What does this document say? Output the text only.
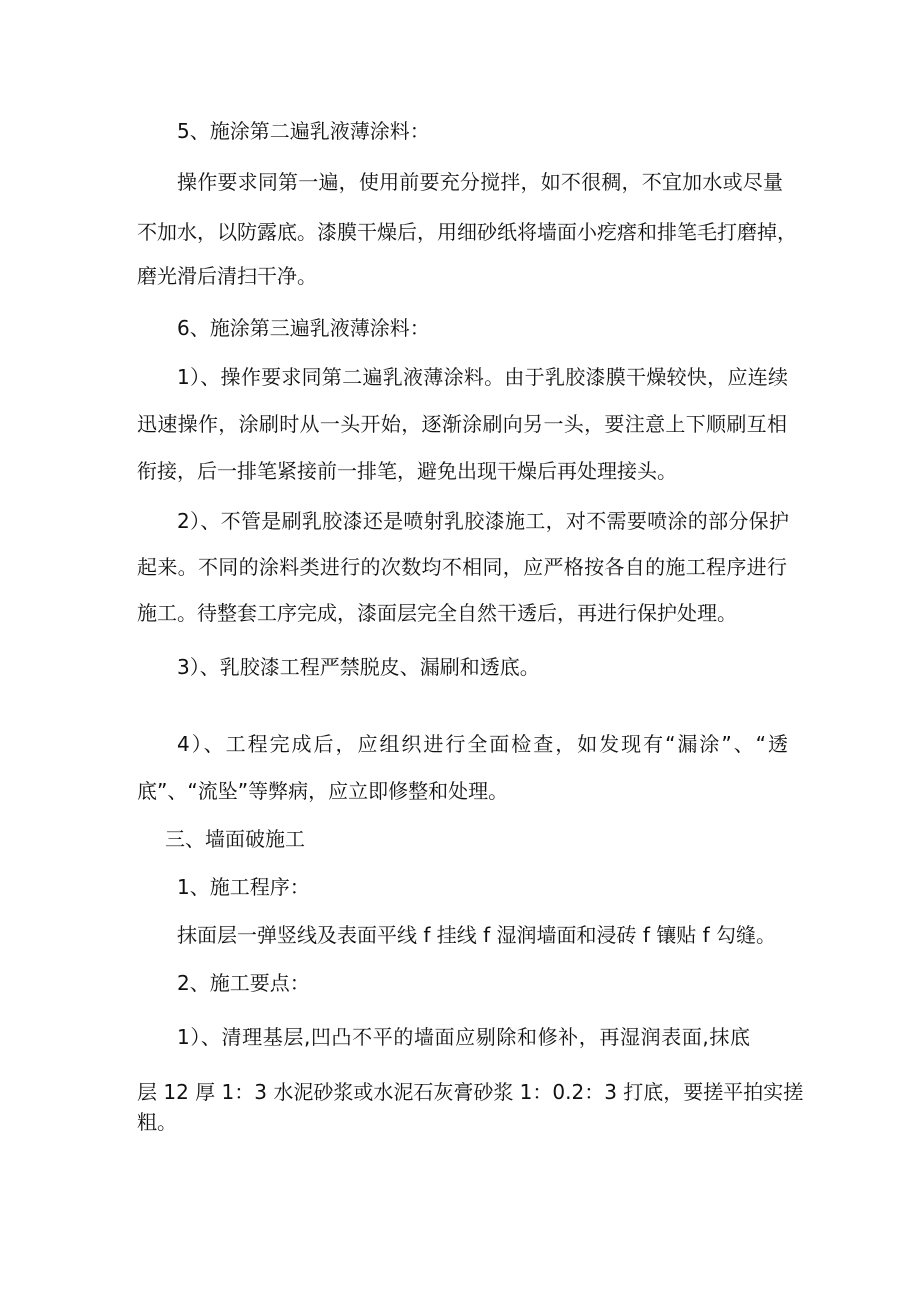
5、施涂第二遍乳液薄涂料：
操作要求同第一遍，使用前要充分搅拌，如不很稠，不宜加水或尽量
不加水，以防露底。漆膜干燥后，用细砂纸将墙面小疙瘩和排笔毛打磨掉，
磨光滑后清扫干净。
6、施涂第三遍乳液薄涂料：
1）、操作要求同第二遍乳液薄涂料。由于乳胶漆膜干燥较快，应连续
迅速操作，涂刷时从一头开始，逐渐涂刷向另一头，要注意上下顺刷互相
衔接，后一排笔紧接前一排笔，避免出现干燥后再处理接头。
2）、不管是刷乳胶漆还是喷射乳胶漆施工，对不需要喷涂的部分保护
起来。不同的涂料类进行的次数均不相同，应严格按各自的施工程序进行
施工。待整套工序完成，漆面层完全自然干透后，再进行保护处理。
3）、乳胶漆工程严禁脱皮、漏刷和透底。
4）、工程完成后，应组织进行全面检查，如发现有“漏涂”、“透
底”、“流坠”等弊病，应立即修整和处理。
三、墙面破施工
1、施工程序：
抹面层一弹竖线及表面平线 f 挂线 f 湿润墙面和浸砖 f 镶贴 f 勾缝。
2、施工要点：
1）、清理基层,凹凸不平的墙面应剔除和修补，再湿润表面,抹底
层 12 厚 1：3 水泥砂浆或水泥石灰膏砂浆 1：0.2：3 打底，要搓平拍实搓
粗。
